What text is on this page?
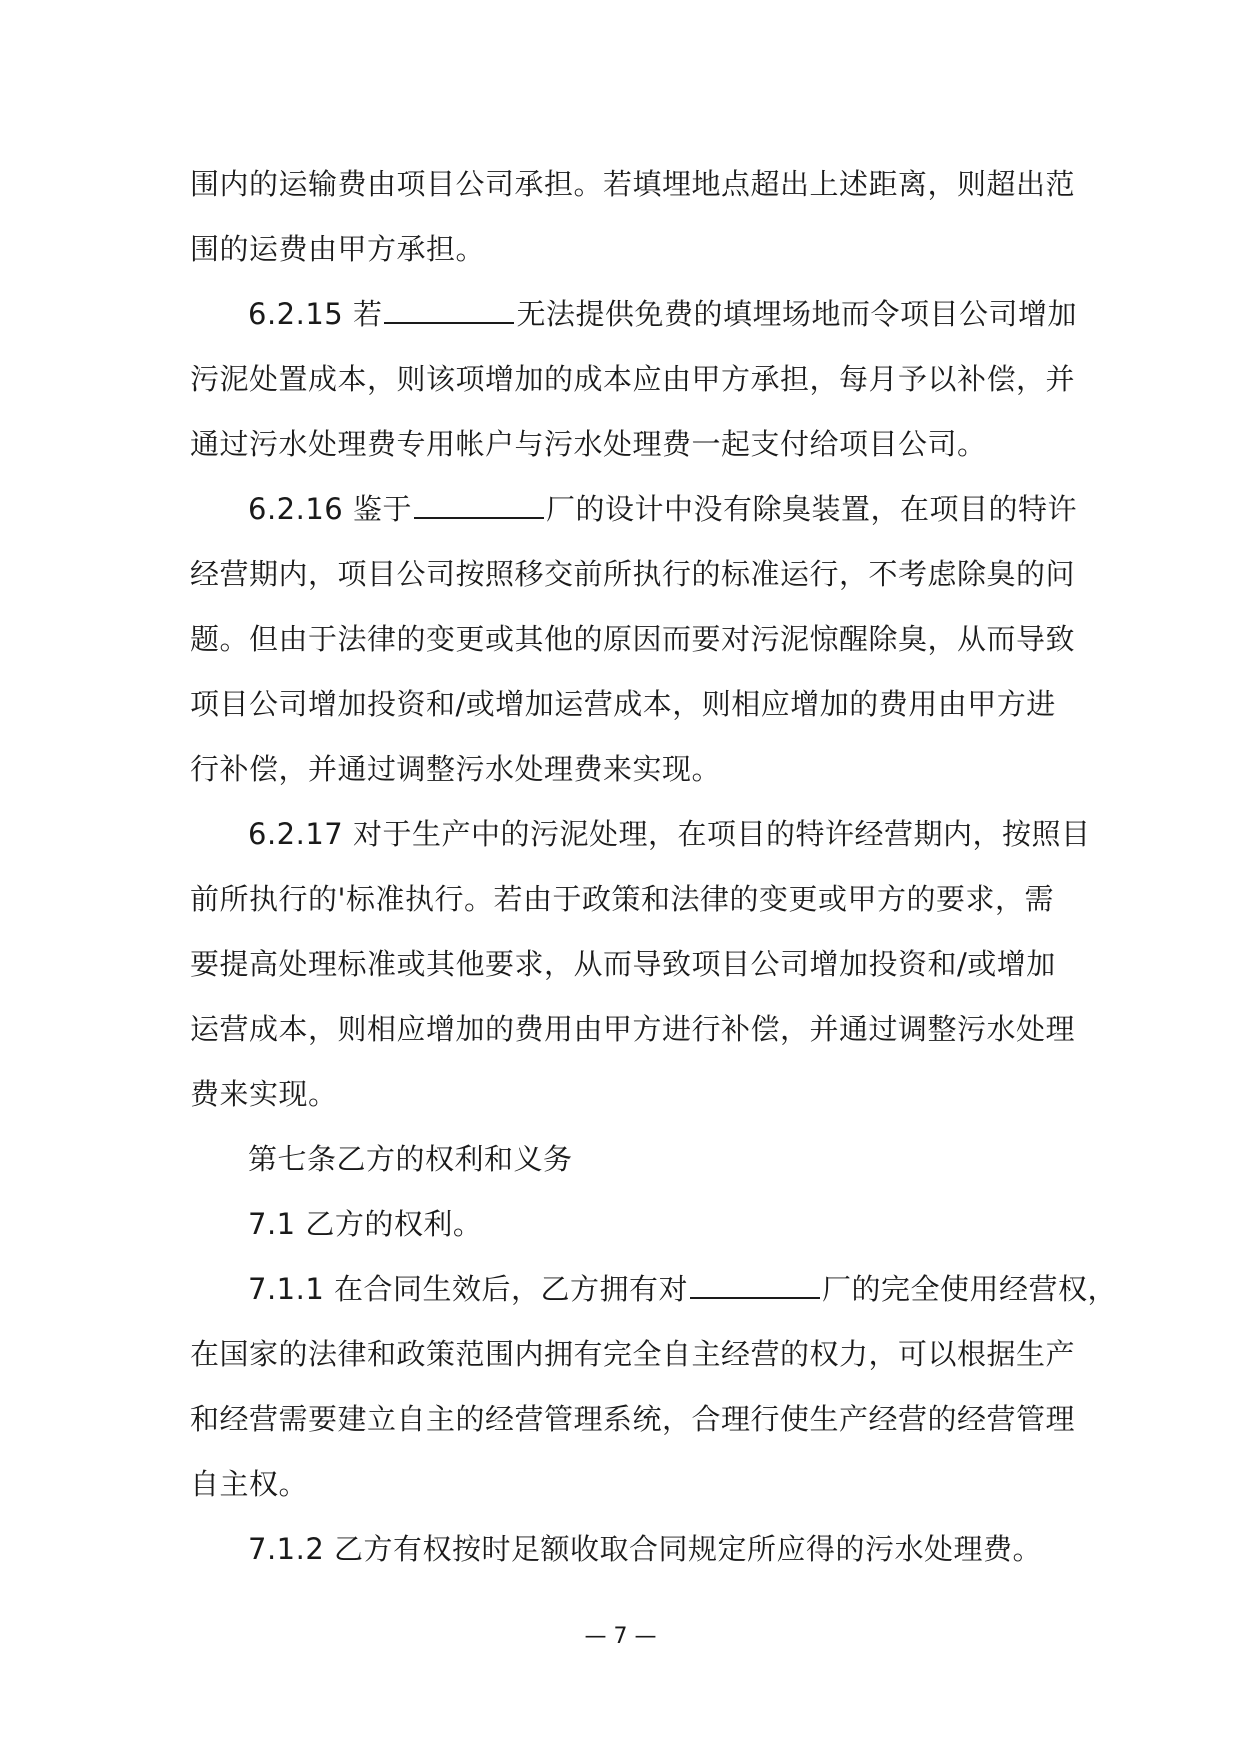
围内的运输费由项目公司承担。若填埋地点超出上述距离，则超出范
围的运费由甲方承担。
6.2.15 若	无法提供免费的填埋场地而令项目公司增加
污泥处置成本，则该项增加的成本应由甲方承担，每月予以补偿，并
通过污水处理费专用帐户与污水处理费一起支付给项目公司。
6.2.16 鉴于	厂的设计中没有除臭装置，在项目的特许
经营期内，项目公司按照移交前所执行的标准运行，不考虑除臭的问
题。但由于法律的变更或其他的原因而要对污泥惊醒除臭，从而导致
项目公司增加投资和/或增加运营成本，则相应增加的费用由甲方进
行补偿，并通过调整污水处理费来实现。
6.2.17 对于生产中的污泥处理，在项目的特许经营期内，按照目
前所执行的'标准执行。若由于政策和法律的变更或甲方的要求，需
要提高处理标准或其他要求，从而导致项目公司增加投资和/或增加
运营成本，则相应增加的费用由甲方进行补偿，并通过调整污水处理
费来实现。
第七条乙方的权利和义务
7.1 乙方的权利。
7.1.1 在合同生效后，乙方拥有对	厂的完全使用经营权，
在国家的法律和政策范围内拥有完全自主经营的权力，可以根据生产
和经营需要建立自主的经营管理系统，合理行使生产经营的经营管理
自主权。
7.1.2 乙方有权按时足额收取合同规定所应得的污水处理费。
— 7 —
